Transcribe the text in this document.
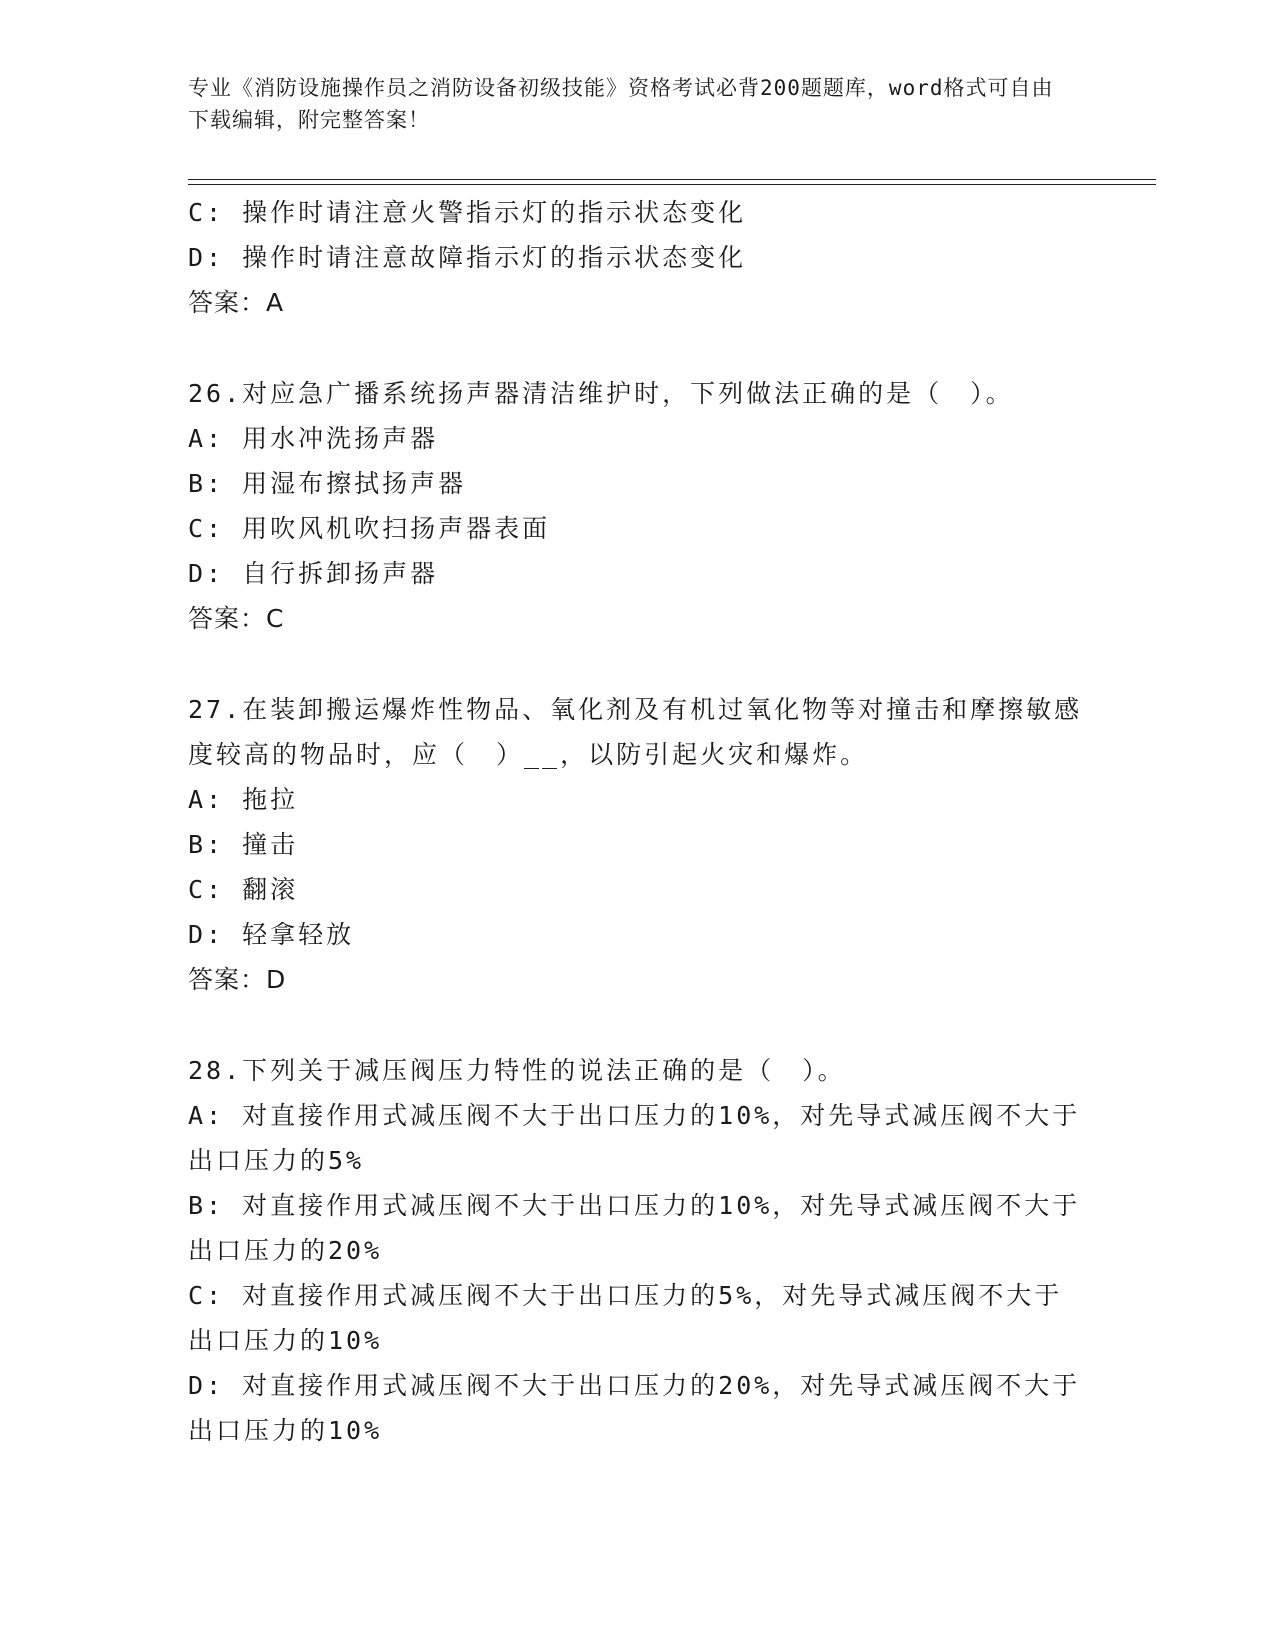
专业《消防设施操作员之消防设备初级技能》资格考试必背200题题库，word格式可自由下载编辑，附完整答案！
C: 操作时请注意火警指示灯的指示状态变化
D: 操作时请注意故障指示灯的指示状态变化
答案：A
26.对应急广播系统扬声器清洁维护时，下列做法正确的是（　）。
A: 用水冲洗扬声器
B: 用湿布擦拭扬声器
C: 用吹风机吹扫扬声器表面
D: 自行拆卸扬声器
答案：C
27.在装卸搬运爆炸性物品、氧化剂及有机过氧化物等对撞击和摩擦敏感度较高的物品时，应（　）__，以防引起火灾和爆炸。
A: 拖拉
B: 撞击
C: 翻滚
D: 轻拿轻放
答案：D
28.下列关于减压阀压力特性的说法正确的是（　）。
A: 对直接作用式减压阀不大于出口压力的10%，对先导式减压阀不大于出口压力的5%
B: 对直接作用式减压阀不大于出口压力的10%，对先导式减压阀不大于出口压力的20%
C: 对直接作用式减压阀不大于出口压力的5%，对先导式减压阀不大于出口压力的10%
D: 对直接作用式减压阀不大于出口压力的20%，对先导式减压阀不大于出口压力的10%
